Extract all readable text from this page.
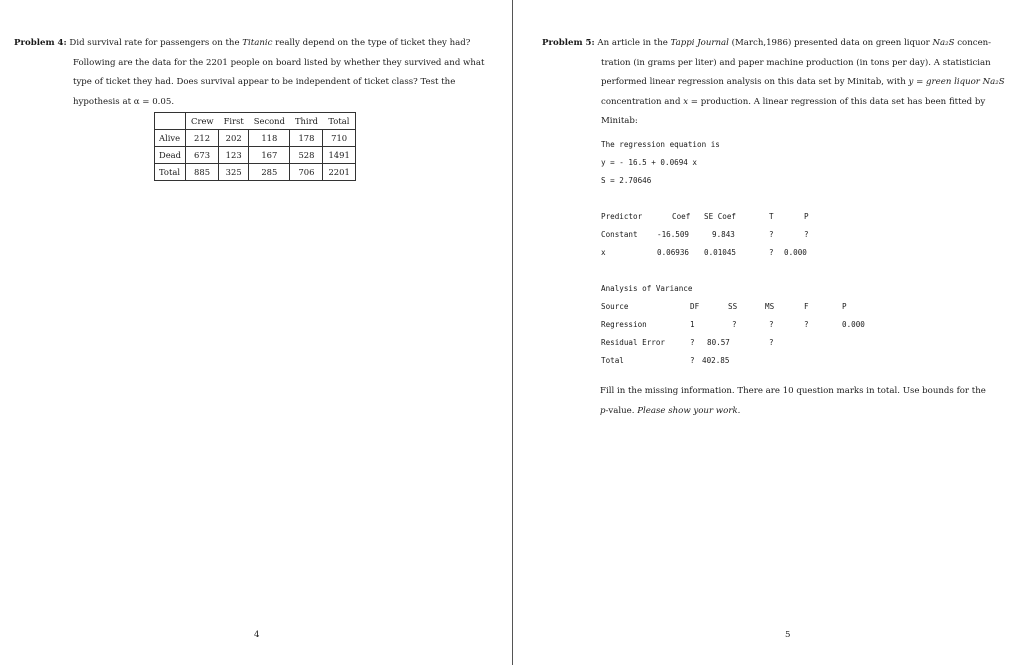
Problem 4: Did survival rate for passengers on the Titanic really depend on the type of ticket they had?
Following are the data for the 2201 people on board listed by whether they survived and what
type of ticket they had. Does survival appear to be independent of ticket class? Test the
hypothesis at α = 0.05.
	Crew	First	Second	Third	Total
Alive	212	202	118	178	710
Dead	673	123	167	528	1491
Total	885	325	285	706	2201
4
Problem 5: An article in the Tappi Journal (March,1986) presented data on green liquor Na₂S concen-
tration (in grams per liter) and paper machine production (in tons per day). A statistician
performed linear regression analysis on this data set by Minitab, with y = green liquor Na₂S
concentration and x = production. A linear regression of this data set has been fitted by
Minitab:
The regression equation is
y = - 16.5 + 0.0694 x
S = 2.70646
Predictor	Coef SE Coef	T	P
Constant	-16.509	9.843	?	?
x	0.06936 0.01045	? 0.000
Analysis of Variance
Source	DF	SS	MS	F	P
Regression	1	?	?	?	0.000
Residual Error	? 80.57	?
Total	? 402.85
Fill in the missing information. There are 10 question marks in total. Use bounds for the
p-value. Please show your work.
5
